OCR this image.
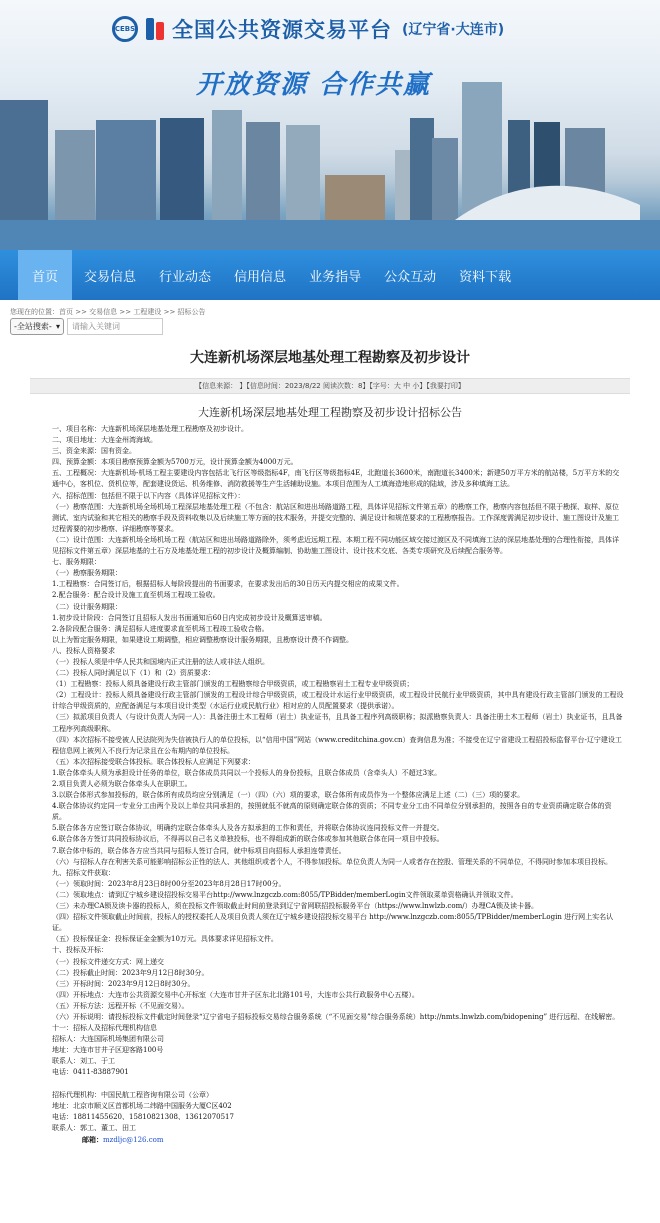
CEBS 全国公共资源交易平台 (辽宁省·大连市)
开放资源 合作共赢
首页	交易信息	行业动态	信用信息	业务指导	公众互动	资料下载
您现在的位置：首页 >> 交易信息 >> 工程建设 >> 招标公告
-全站搜索- ▾	请输入关键词
大连新机场深层地基处理工程勘察及初步设计
【信息来源： 】【信息时间：2023/8/22 阅读次数：8】【字号：大 中 小】【我要打印】
大连新机场深层地基处理工程勘察及初步设计招标公告

一、项目名称：大连新机场深层地基处理工程勘察及初步设计。

二、项目地址：大连金州湾海域。

三、资金来源：国有资金。

四、预算金额：本项目勘察预算金额为5700万元，设计预算金额为4000万元。

五、工程概况：大连新机场-机场工程主要建设内容包括北飞行区等级指标4F，南飞行区等级指标4E，北跑道长3600米，南跑道长3400米；新建50万平方米的航站楼，5万平方米的交通中心，客机位、货机位等，配套建设货运、机务维修、消防救援等生产生活辅助设施。本项目范围为人工填海造地形成的陆域，涉及多种填海工法。

六、招标范围：包括但不限于以下内容（具体详见招标文件）：

（一）勘察范围：大连新机场全场机场工程深层地基处理工程（不包含：航站区和进出场路道路工程，具体详见招标文件第五章）的勘察工作，勘察内容包括但不限于勘探、取样、原位测试、室内试验和其它相关的勘察手段及资料收集以及后续施工等方面的技术服务，并提交完整的、满足设计和规范要求的工程勘察报告。工作深度需满足初步设计、施工图设计及施工过程需要的初步勘察、详细勘察等要求。

（二）设计范围：大连新机场全场机场工程（航站区和进出场路道路除外，须考虑近远期工程、本期工程不同功能区域交接过渡区及不同填海工法的深层地基处理的合理性衔接，具体详见招标文件第五章）深层地基的土石方及地基处理工程的初步设计及概算编制、协助施工图设计、设计技术交底、各类专项研究及后续配合服务等。

七、服务期限：

（一）勘察服务期限：

1.工程勘察：合同签订后，根据招标人每阶段提出的书面要求，在要求发出后的30日历天内提交相应的成果文件。

2.配合服务：配合设计及施工直至机场工程竣工验收。

（二）设计服务期限：

1.初步设计阶段：合同签订且招标人发出书面通知后60日内完成初步设计及概算送审稿。

2.各阶段配合服务：满足招标人进度要求直至机场工程竣工验收合格。

以上为暂定服务期限，如果建设工期调整，相应调整勘察设计服务期限，且勘察设计费不作调整。

八、投标人资格要求

（一）投标人须是中华人民共和国境内正式注册的法人或非法人组织。

（二）投标人同时满足以下（1）和（2）资质要求：

（1）工程勘察：投标人须具备建设行政主管部门颁发的工程勘察综合甲级资质，或工程勘察岩土工程专业甲级资质；

（2）工程设计：投标人须具备建设行政主管部门颁发的工程设计综合甲级资质，或工程设计水运行业甲级资质，或工程设计民航行业甲级资质，其中具有建设行政主管部门颁发的工程设计综合甲级资质的，应配备满足与本项目设计类型（水运行业或民航行业）相对应的人员配置要求（提供承诺）。

（三）拟派项目负责人（与设计负责人为同一人）：具备注册土木工程师（岩土）执业证书，且具备工程序列高级职称；拟派勘察负责人：具备注册土木工程师（岩土）执业证书，且具备工程序列高级职称。

（四）本次招标不接受被人民法院列为失信被执行人的单位投标，以“信用中国”网站（www.creditchina.gov.cn）查询信息为准；不接受在辽宁省建设工程招投标监督平台-辽宁建设工程信息网上被列入不良行为记录且在公布期内的单位投标。

（五）本次招标接受联合体投标。联合体投标人应满足下列要求：

1.联合体牵头人须为承担设计任务的单位，联合体成员共同以一个投标人的身份投标，且联合体成员（含牵头人）不超过3家。

2.项目负责人必须为联合体牵头人在职职工。

3.以联合体形式参加投标的，联合体所有成员均应分别满足（一）（四）（六）项的要求，联合体所有成员作为一个整体应满足上述（二）（三）项的要求。

4.联合体协议约定同一专业分工由两个及以上单位共同承担的，按照就低不就高的原则确定联合体的资质；不同专业分工由不同单位分别承担的，按照各自的专业资质确定联合体的资质。

5.联合体各方应签订联合体协议，明确约定联合体牵头人及各方拟承担的工作和责任，并将联合体协议连同投标文件一并提交。

6.联合体各方签订共同投标协议后，不得再以自己名义单独投标，也不得组成新的联合体或参加其他联合体在同一项目中投标。

7.联合体中标的，联合体各方应当共同与招标人签订合同，就中标项目向招标人承担连带责任。

（六）与招标人存在利害关系可能影响招标公正性的法人、其他组织或者个人，不得参加投标。单位负责人为同一人或者存在控股、管理关系的不同单位，不得同时参加本项目投标。

九、招标文件获取：

（一）领取时间：2023年8月23日8时00分至2023年8月28日17时00分。

（二）领取地点：请到辽宁城乡建设招投标交易平台http://www.lnzgczb.com:8055/TPBidder/memberLogin文件领取菜单资格确认并领取文件。

（三）未办理CA锁及读卡器的投标人，须在投标文件领取截止时间前登录到辽宁省网联招投标服务平台（https://www.lnwlzb.com/）办理CA锁及读卡器。

（四）招标文件领取截止时间前，投标人的授权委托人及项目负责人须在辽宁城乡建设招投标交易平台 http://www.lnzgczb.com:8055/TPBidder/memberLogin 进行网上实名认证。

（五）投标保证金：投标保证金金额为10万元。具体要求详见招标文件。

十、投标及开标：

（一）投标文件递交方式：网上递交

（二）投标截止时间：2023年9月12日8时30分。

（三）开标时间：2023年9月12日8时30分。

（四）开标地点：大连市公共资源交易中心开标室（大连市甘井子区东北北路101号，大连市公共行政服务中心五楼）。

（五）开标方法：远程开标（不见面交易）。

（六）开标说明：请投标投标文件截定时间登录“辽宁省电子招标投标交易综合服务系统（“不见面交易”综合服务系统）http://nmts.lnwlzb.com/bidopening” 进行远程、在线解密。

十一：招标人及招标代理机构信息

招标人：大连国际机场集团有限公司

地址：大连市甘井子区迎客路100号

联系人：刘工、于工

电话：0411-83887901

招标代理机构：中国民航工程咨询有限公司（公章）

地址：北京市顺义区首都机场二纬路中国服务大厦C区402

电话：18811455620、15810821308、13612070517

联系人：郭工、董工、田工

邮箱：mzdljc@126.com
